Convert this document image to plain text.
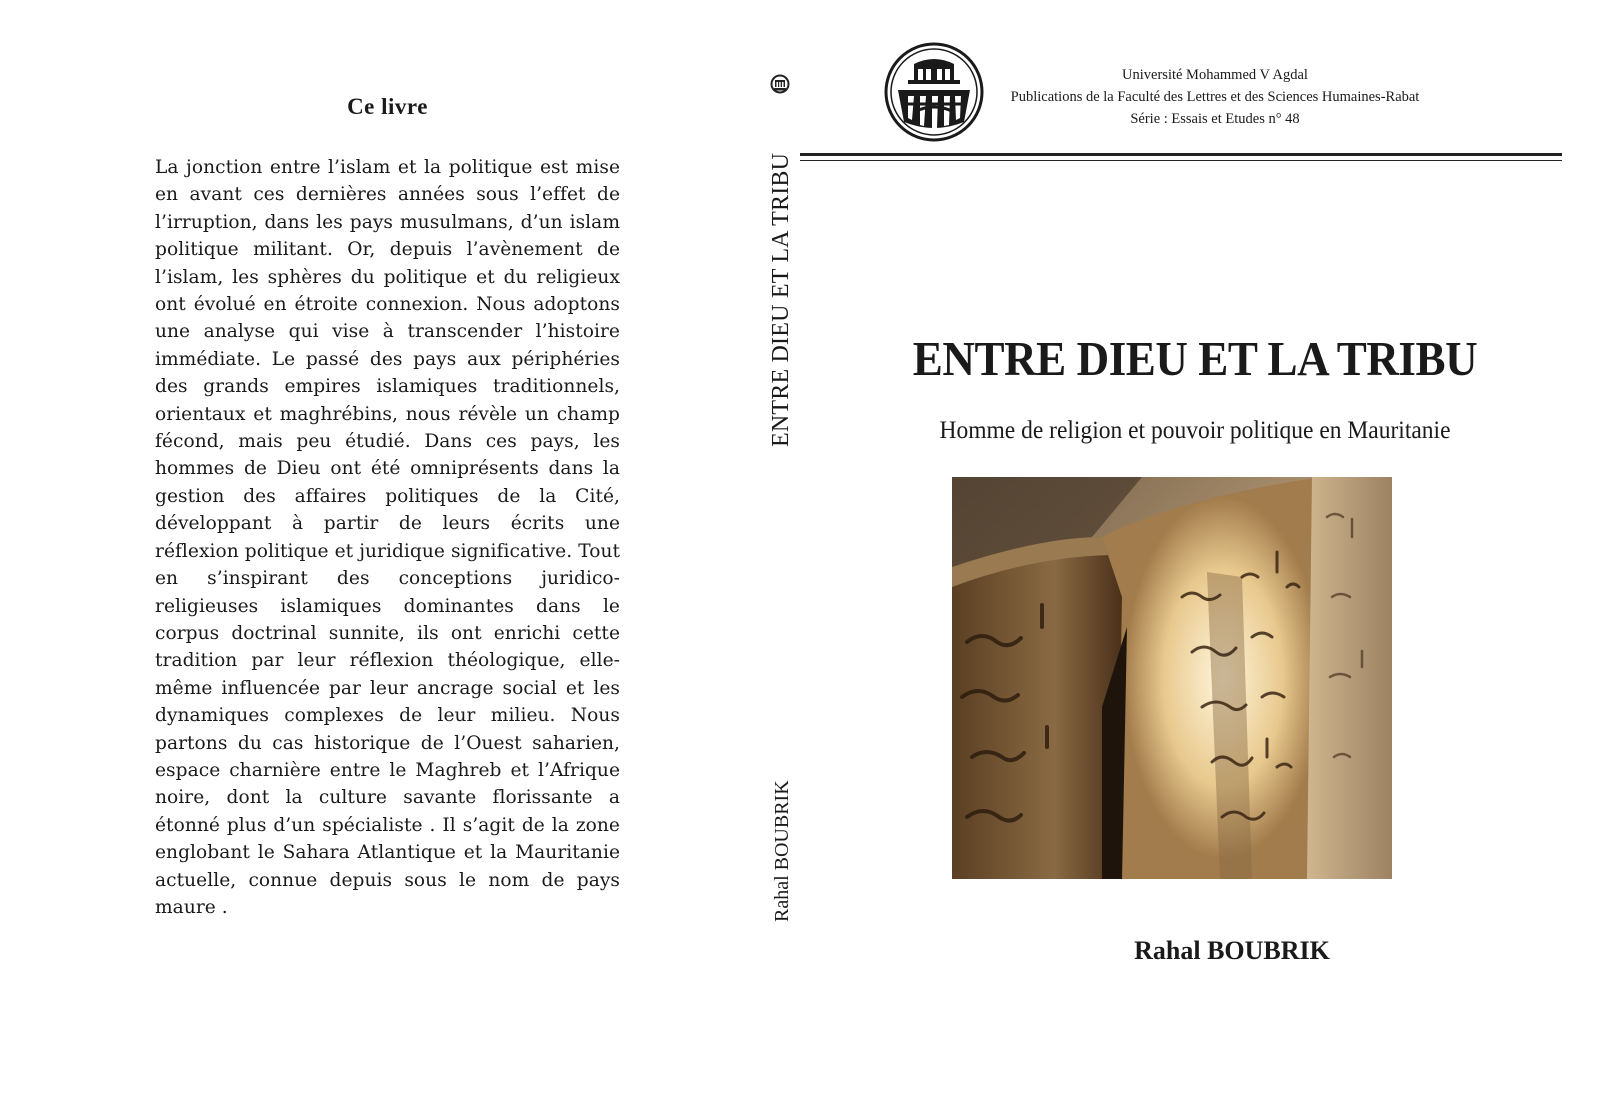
Ce livre
La jonction entre l’islam et la politique est mise en avant ces dernières années sous l’effet de l’irruption, dans les pays musulmans, d’un islam politique militant. Or, depuis l’avènement de l’islam, les sphères du politique et du religieux ont évolué en étroite connexion. Nous adoptons une analyse qui vise à transcender l’histoire immédiate. Le passé des pays aux périphéries des grands empires islamiques traditionnels, orientaux et maghrébins, nous révèle un champ fécond, mais peu étudié. Dans ces pays, les hommes de Dieu ont été omniprésents dans la gestion des affaires politiques de la Cité, développant à partir de leurs écrits une réflexion politique et juridique significative. Tout en s’inspirant des conceptions juridico-religieuses islamiques dominantes dans le corpus doctrinal sunnite, ils ont enrichi cette tradition par leur réflexion théologique, elle-même influencée par leur ancrage social et les dynamiques complexes de leur milieu. Nous partons du cas historique de l’Ouest saharien, espace charnière entre le Maghreb et l’Afrique noire, dont la culture savante florissante a étonné plus d’un spécialiste . Il s’agit de la zone englobant le Sahara Atlantique et la Mauritanie actuelle, connue depuis sous le nom de pays maure .
ENTRE DIEU ET LA TRIBU
Rahal BOUBRIK
Université Mohammed V Agdal
Publications de la Faculté des Lettres et des Sciences Humaines-Rabat
Série : Essais et Etudes n° 48
ENTRE DIEU ET LA TRIBU
Homme de religion et pouvoir politique en Mauritanie
Rahal BOUBRIK
